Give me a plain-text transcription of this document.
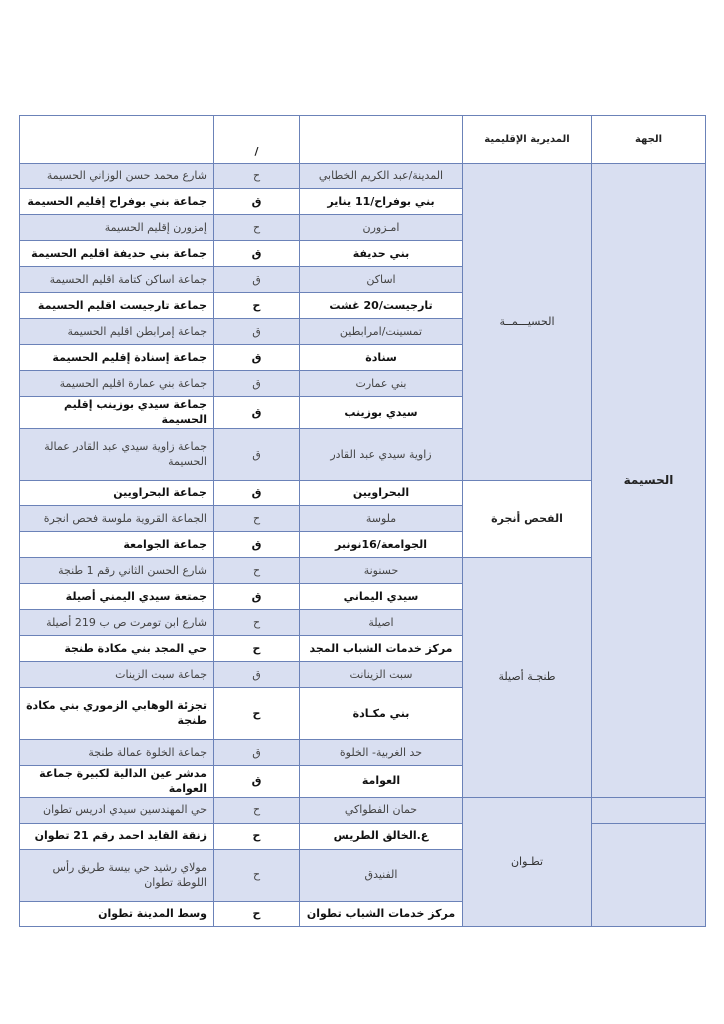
الجهة	المديرية الإقليمية		/	
الحسيمة	الحسيـــمــة	المدينة/عبد الكريم الخطابي	ح	شارع محمد حسن الوزاني الحسيمة
		بني بوفراح/11 يناير	ق	جماعة بني بوفراح إقليم الحسيمة
		امـزورن	ح	إمزورن إقليم الحسيمة
		بني حديفة	ق	جماعة بني حديفة اقليم الحسيمة
		اساكن	ق	جماعة اساكن كتامة اقليم الحسيمة
		تارجيست/20 غشت	ح	جماعة تارجيست اقليم الحسيمة
		تمسينت/امرابطين	ق	جماعة إمرابطن اقليم الحسيمة
		سنادة	ق	جماعة إسنادة إقليم الحسيمة
		بني عمارت	ق	جماعة بني عمارة اقليم الحسيمة
		سيدي بوزينب	ق	جماعة سيدي بوزينب إقليم الحسيمة
		زاوية سيدي عبد القادر	ق	جماعة زاوية سيدي عبد القادر عمالة الحسيمة
	الفحص أنجرة	البحراويين	ق	جماعة البحراويين
		ملوسة	ح	الجماعة القروية ملوسة فحص انجرة
		الجوامعة/16نونبر	ق	جماعة الجوامعة
	طنجـة أصيلة	حسنونة	ح	شارع الحسن الثاني رقم 1 طنجة
		سيدي اليماني	ق	جمتعة سيدي اليمني أصيلة
		اصيلة	ح	شارع ابن تومرت ص ب 219 أصيلة
		مركز خدمات الشباب المجد	ح	حي المجد بني مكادة طنجة
		سبت الزينانت	ق	جماعة سبت الزينات
		بني مكـادة	ح	تجزئة الوهابي الزموري بني مكادة طنجة
		حد الغربية- الخلوة	ق	جماعة الخلوة عمالة طنجة
		العوامة	ق	مدشر عين الدالية لكبيرة جماعة العوامة
	تطـوان	حمان الفطواكي	ح	حي المهندسين سيدي ادريس تطوان
		ع.الخالق الطريس	ح	زنقة القايد احمد رقم 21 تطوان
		الفنيدق	ح	مولاي رشيد حي بيسة طريق رأس اللوطة تطوان
		مركز خدمات الشباب تطوان	ح	وسط المدينة تطوان
